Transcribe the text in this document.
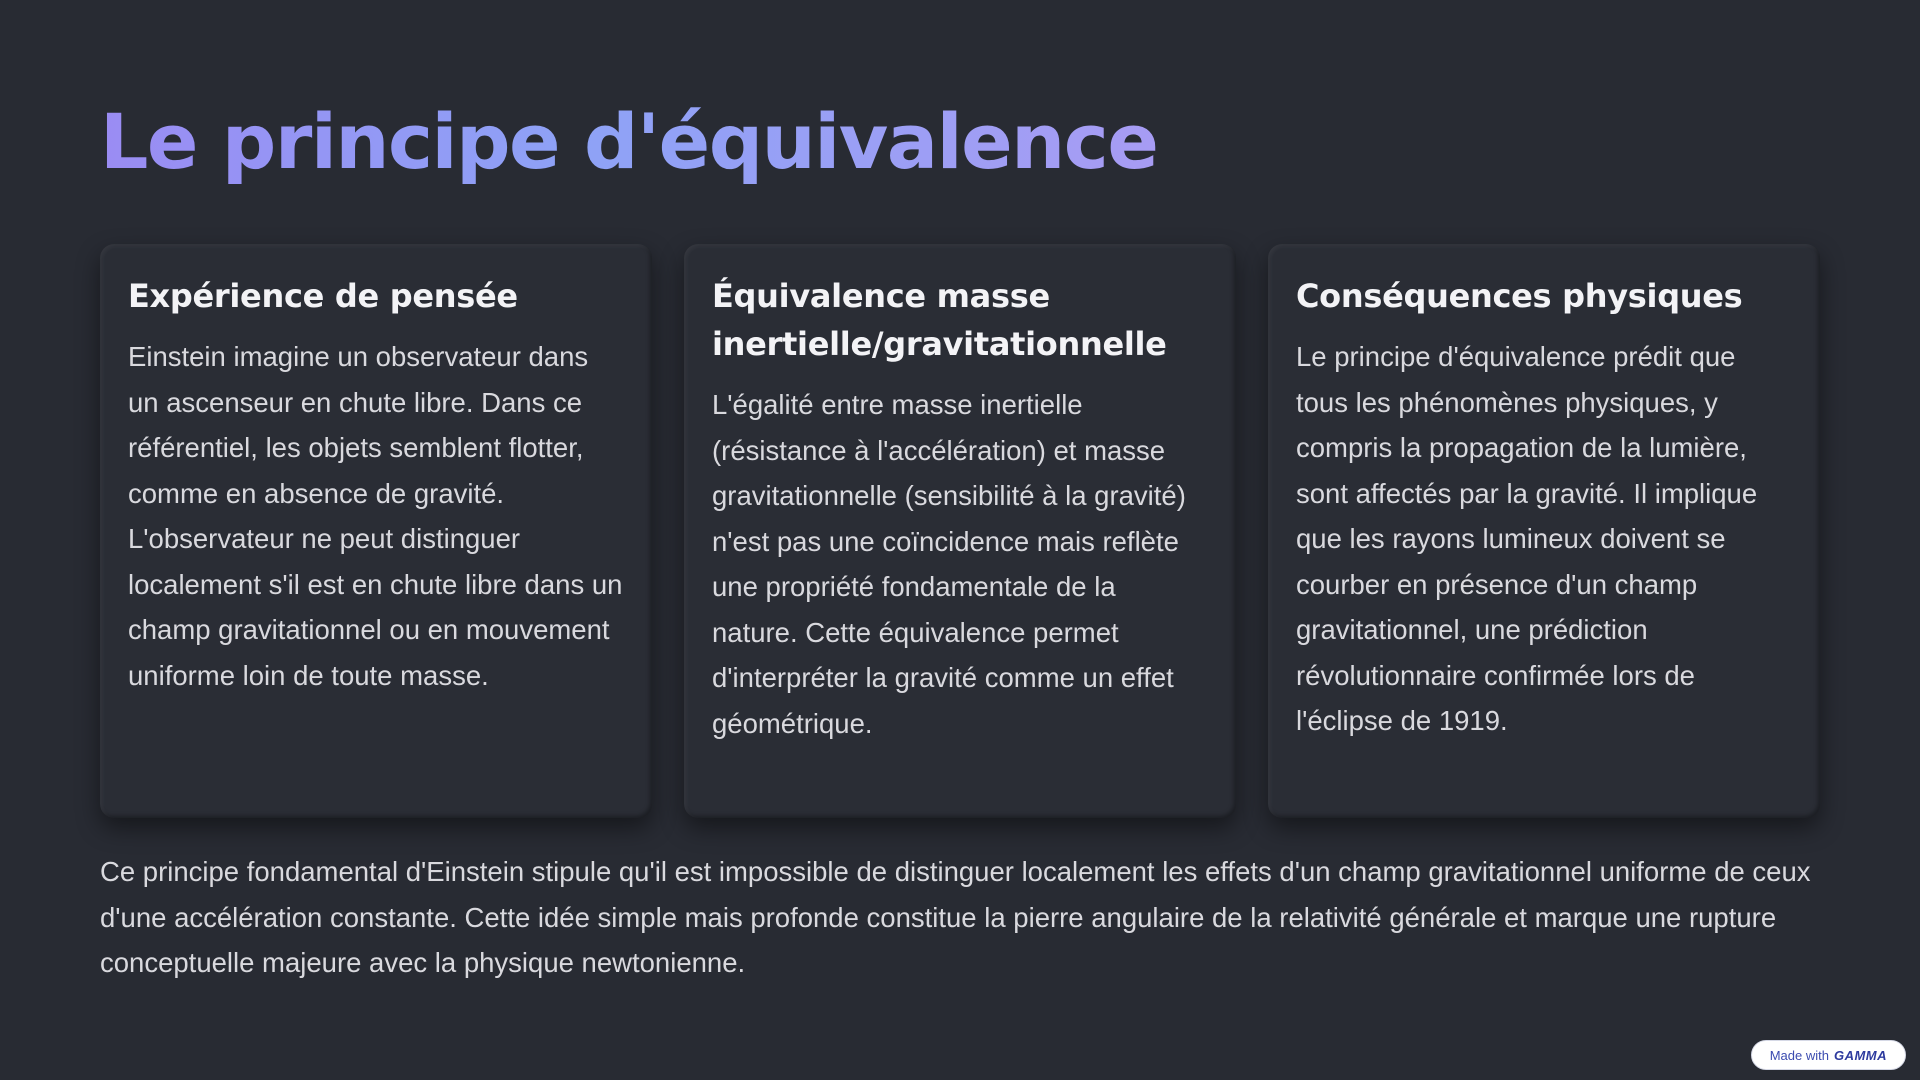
Le principe d'équivalence
Expérience de pensée

Einstein imagine un observateur dans un ascenseur en chute libre. Dans ce référentiel, les objets semblent flotter, comme en absence de gravité. L'observateur ne peut distinguer localement s'il est en chute libre dans un champ gravitationnel ou en mouvement uniforme loin de toute masse.

Équivalence masse inertielle/gravitationnelle

L'égalité entre masse inertielle (résistance à l'accélération) et masse gravitationnelle (sensibilité à la gravité) n'est pas une coïncidence mais reflète une propriété fondamentale de la nature. Cette équivalence permet d'interpréter la gravité comme un effet géométrique.

Conséquences physiques

Le principe d'équivalence prédit que tous les phénomènes physiques, y compris la propagation de la lumière, sont affectés par la gravité. Il implique que les rayons lumineux doivent se courber en présence d'un champ gravitationnel, une prédiction révolutionnaire confirmée lors de l'éclipse de 1919.

Ce principe fondamental d'Einstein stipule qu'il est impossible de distinguer localement les effets d'un champ gravitationnel uniforme de ceux d'une accélération constante. Cette idée simple mais profonde constitue la pierre angulaire de la relativité générale et marque une rupture conceptuelle majeure avec la physique newtonienne.

Made with GAMMA
